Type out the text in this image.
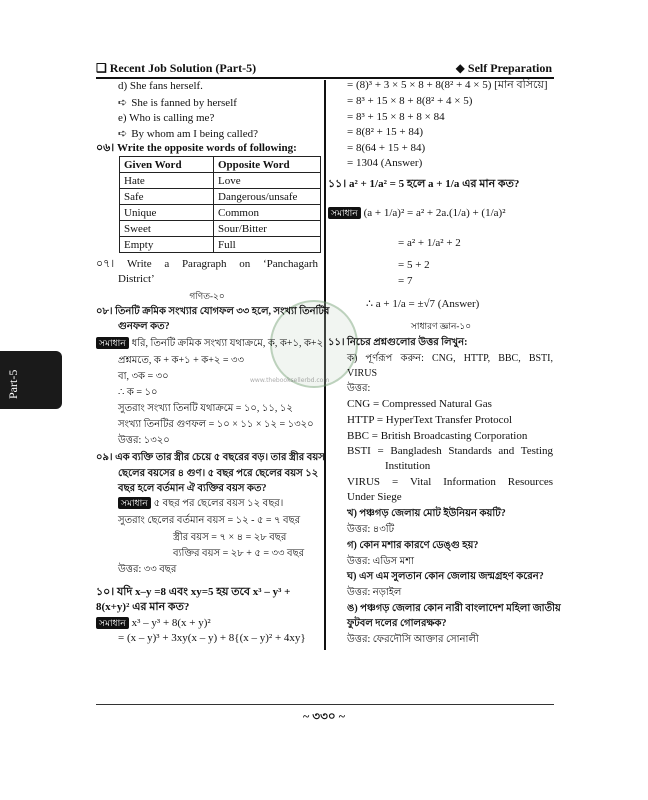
❑ Recent Job Solution (Part-5)	◆ Self Preparation
Part-5	www.thebooksellerbd.com
d) She fans herself.
➪ She is fanned by herself
e) Who is calling me?
➪ By whom am I being called?
০৬। Write the opposite words of following:
Given Word	Opposite Word
Hate	Love
Safe	Dangerous/unsafe
Unique	Common
Sweet	Sour/Bitter
Empty	Full
০৭। Write a Paragraph on ‘Panchagarh
District’
গণিত-২০
০৮। তিনটি ক্রমিক সংখ্যার যোগফল ৩৩ হলে, সংখ্যা তিনটির
গুনফল কত?
সমাধান ধরি, তিনটি ক্রমিক সংখ্যা যথাক্রমে, ক, ক+১, ক+২
প্রশ্নমতে, ক + ক+১ + ক+২ = ৩৩
বা, ৩ক = ৩০
∴ ক = ১০
সুতরাং সংখ্যা তিনটি যথাক্রমে = ১০, ১১, ১২
সংখ্যা তিনটির গুণফল = ১০ × ১১ × ১২ = ১৩২০
উত্তর: ১৩২০
০৯। এক ব্যক্তি তার স্ত্রীর চেয়ে ৫ বছরের বড়। তার স্ত্রীর বয়স
ছেলের বয়সের ৪ গুণ। ৫ বছর পরে ছেলের বয়স ১২
বছর হলে বর্তমান ঐ ব্যক্তির বয়স কত?
সমাধান ৫ বছর পর ছেলের বয়স ১২ বছর।
সুতরাং ছেলের বর্তমান বয়স = ১২ - ৫ = ৭ বছর
স্ত্রীর বয়স = ৭ × ৪ = ২৮ বছর
ব্যক্তির বয়স = ২৮ + ৫ = ৩৩ বছর
উত্তর: ৩৩ বছর
১০। যদি x–y =8 এবং xy=5 হয় তবে x³ – y³ +
8(x+y)² এর মান কত?
সমাধান x³ – y³ + 8(x + y)²
= (x – y)³ + 3xy(x – y) + 8{(x – y)² + 4xy}
= (8)³ + 3 × 5 × 8 + 8(8² + 4 × 5) [মান বসিয়ে]
= 8³ + 15 × 8 + 8(8² + 4 × 5)
= 8³ + 15 × 8 + 8 × 84
= 8(8² + 15 + 84)
= 8(64 + 15 + 84)
= 1304 (Answer)
১১। a² + 1/a² = 5 হলে a + 1/a এর মান কত?
সমাধান (a + 1/a)² = a² + 2a.(1/a) + (1/a)²
= a² + 1/a² + 2
= 5 + 2
= 7
∴ a + 1/a = ±√7 (Answer)
সাধারণ জ্ঞান-১০
১১। নিচের প্রশ্নগুলোর উত্তর লিখুন:
ক) পূর্ণরূপ করুন: CNG, HTTP, BBC, BSTI,
VIRUS
উত্তর:
CNG = Compressed Natural Gas
HTTP = HyperText Transfer Protocol
BBC = British Broadcasting Corporation
BSTI = Bangladesh Standards and Testing
Institution
VIRUS = Vital Information Resources
Under Siege
খ) পঞ্চগড় জেলায় মোট ইউনিয়ন কয়টি?
উত্তর: ৪৩টি
গ) কোন মশার কারণে ডেঙ্গু হয়?
উত্তর: এডিস মশা
ঘ) এস এম সুলতান কোন জেলায় জন্মগ্রহণ করেন?
উত্তর: নড়াইল
ঙ) পঞ্চগড় জেলার কোন নারী বাংলাদেশ মহিলা জাতীয়
ফুটবল দলের গোলরক্ষক?
উত্তর: ফেরদৌসি আক্তার সোনালী
~ ৩৩০ ~
